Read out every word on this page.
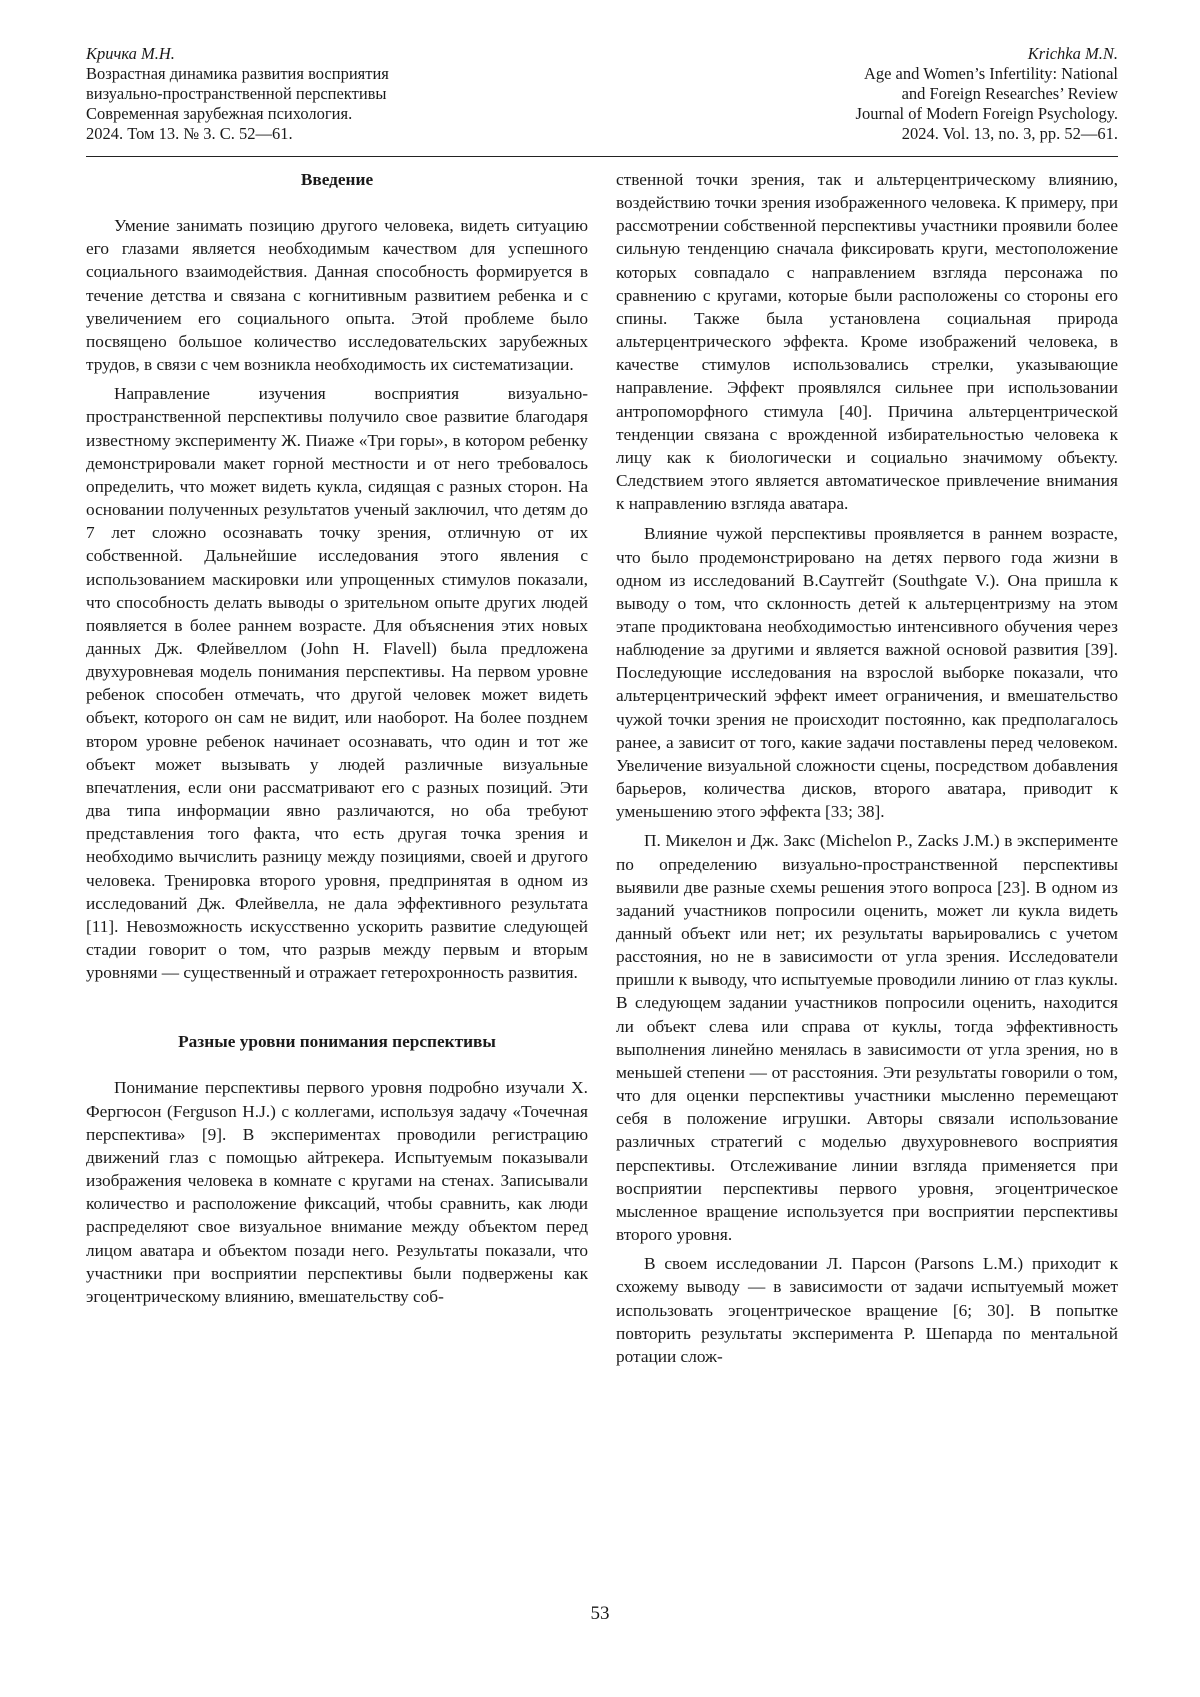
Кричка М.Н.
Возрастная динамика развития восприятия
визуально-пространственной перспективы
Современная зарубежная психология.
2024. Том 13. № 3. С. 52—61.
Krichka M.N.
Age and Women’s Infertility: National
and Foreign Researches’ Review
Journal of Modern Foreign Psychology.
2024. Vol. 13, no. 3, pp. 52—61.
Введение

Умение занимать позицию другого человека, видеть ситуацию его глазами является необходимым качеством для успешного социального взаимодействия. Данная способность формируется в течение детства и связана с когнитивным развитием ребенка и с увеличением его социального опыта. Этой проблеме было посвящено большое количество исследовательских зарубежных трудов, в связи с чем возникла необходимость их систематизации.

Направление изучения восприятия визуально-пространственной перспективы получило свое развитие благодаря известному эксперименту Ж. Пиаже «Три горы», в котором ребенку демонстрировали макет горной местности и от него требовалось определить, что может видеть кукла, сидящая с разных сторон. На основании полученных результатов ученый заключил, что детям до 7 лет сложно осознавать точку зрения, отличную от их собственной. Дальнейшие исследования этого явления с использованием маскировки или упрощенных стимулов показали, что способность делать выводы о зрительном опыте других людей появляется в более раннем возрасте. Для объяснения этих новых данных Дж. Флейвеллом (John H. Flavell) была предложена двухуровневая модель понимания перспективы. На первом уровне ребенок способен отмечать, что другой человек может видеть объект, которого он сам не видит, или наоборот. На более позднем втором уровне ребенок начинает осознавать, что один и тот же объект может вызывать у людей различные визуальные впечатления, если они рассматривают его с разных позиций. Эти два типа информации явно различаются, но оба требуют представления того факта, что есть другая точка зрения и необходимо вычислить разницу между позициями, своей и другого человека. Тренировка второго уровня, предпринятая в одном из исследований Дж. Флейвелла, не дала эффективного результата [11]. Невозможность искусственно ускорить развитие следующей стадии говорит о том, что разрыв между первым и вторым уровнями — существенный и отражает гетерохронность развития.

Разные уровни понимания перспективы

Понимание перспективы первого уровня подробно изучали Х. Фергюсон (Ferguson H.J.) с коллегами, используя задачу «Точечная перспектива» [9]. В экспериментах проводили регистрацию движений глаз с помощью айтрекера. Испытуемым показывали изображения человека в комнате с кругами на стенах. Записывали количество и расположение фиксаций, чтобы сравнить, как люди распределяют свое визуальное внимание между объектом перед лицом аватара и объектом позади него. Результаты показали, что участники при восприятии перспективы были подвержены как эгоцентрическому влиянию, вмешательству соб-

ственной точки зрения, так и альтерцентрическому влиянию, воздействию точки зрения изображенного человека. К примеру, при рассмотрении собственной перспективы участники проявили более сильную тенденцию сначала фиксировать круги, местоположение которых совпадало с направлением взгляда персонажа по сравнению с кругами, которые были расположены со стороны его спины. Также была установлена социальная природа альтерцентрического эффекта. Кроме изображений человека, в качестве стимулов использовались стрелки, указывающие направление. Эффект проявлялся сильнее при использовании антропоморфного стимула [40]. Причина альтерцентрической тенденции связана с врожденной избирательностью человека к лицу как к биологически и социально значимому объекту. Следствием этого является автоматическое привлечение внимания к направлению взгляда аватара.

Влияние чужой перспективы проявляется в раннем возрасте, что было продемонстрировано на детях первого года жизни в одном из исследований В.Саутгейт (Southgate V.). Она пришла к выводу о том, что склонность детей к альтерцентризму на этом этапе продиктована необходимостью интенсивного обучения через наблюдение за другими и является важной основой развития [39]. Последующие исследования на взрослой выборке показали, что альтерцентрический эффект имеет ограничения, и вмешательство чужой точки зрения не происходит постоянно, как предполагалось ранее, а зависит от того, какие задачи поставлены перед человеком. Увеличение визуальной сложности сцены, посредством добавления барьеров, количества дисков, второго аватара, приводит к уменьшению этого эффекта [33; 38].

П. Микелон и Дж. Закс (Michelon P., Zacks J.M.) в эксперименте по определению визуально-пространственной перспективы выявили две разные схемы решения этого вопроса [23]. В одном из заданий участников попросили оценить, может ли кукла видеть данный объект или нет; их результаты варьировались с учетом расстояния, но не в зависимости от угла зрения. Исследователи пришли к выводу, что испытуемые проводили линию от глаз куклы. В следующем задании участников попросили оценить, находится ли объект слева или справа от куклы, тогда эффективность выполнения линейно менялась в зависимости от угла зрения, но в меньшей степени — от расстояния. Эти результаты говорили о том, что для оценки перспективы участники мысленно перемещают себя в положение игрушки. Авторы связали использование различных стратегий с моделью двухуровневого восприятия перспективы. Отслеживание линии взгляда применяется при восприятии перспективы первого уровня, эгоцентрическое мысленное вращение используется при восприятии перспективы второго уровня.

В своем исследовании Л. Парсон (Parsons L.M.) приходит к схожему выводу — в зависимости от задачи испытуемый может использовать эгоцентрическое вращение [6; 30]. В попытке повторить результаты эксперимента Р. Шепарда по ментальной ротации слож-

53
